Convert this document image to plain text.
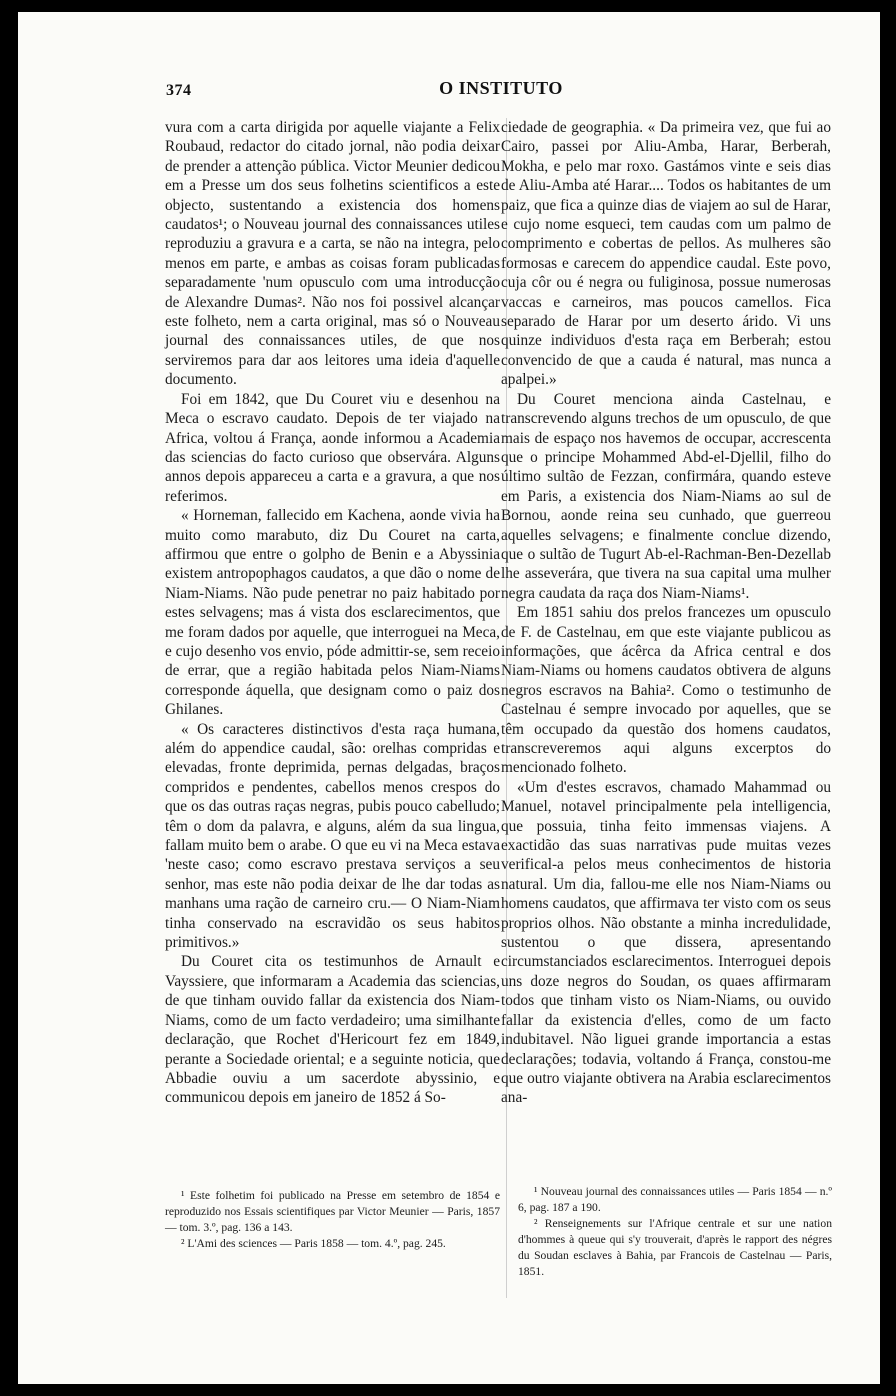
374	O INSTITUTO

vura com a carta dirigida por aquelle viajante a Felix Roubaud, redactor do citado jornal, não podia deixar de prender a attenção pública. Victor Meunier dedicou em a Presse um dos seus folhetins scientificos a este objecto, sustentando a existencia dos homens caudatos¹; o Nouveau journal des connaissances utiles reproduziu a gravura e a carta, se não na integra, pelo menos em parte, e ambas as coisas foram publicadas separadamente 'num opusculo com uma introducção de Alexandre Dumas². Não nos foi possivel alcançar este folheto, nem a carta original, mas só o Nouveau journal des connaissances utiles, de que nos serviremos para dar aos leitores uma ideia d'aquelle documento.

Foi em 1842, que Du Couret viu e desenhou na Meca o escravo caudato. Depois de ter viajado na Africa, voltou á França, aonde informou a Academia das sciencias do facto curioso que observára. Alguns annos depois appareceu a carta e a gravura, a que nos referimos.

« Horneman, fallecido em Kachena, aonde vivia ha muito como marabuto, diz Du Couret na carta, affirmou que entre o golpho de Benin e a Abyssinia existem antropophagos caudatos, a que dão o nome de Niam-Niams. Não pude penetrar no paiz habitado por estes selvagens; mas á vista dos esclarecimentos, que me foram dados por aquelle, que interroguei na Meca, e cujo desenho vos envio, póde admittir-se, sem receio de errar, que a região habitada pelos Niam-Niams corresponde áquella, que designam como o paiz dos Ghilanes.

« Os caracteres distinctivos d'esta raça humana, além do appendice caudal, são: orelhas compridas e elevadas, fronte deprimida, pernas delgadas, braços compridos e pendentes, cabellos menos crespos do que os das outras raças negras, pubis pouco cabelludo; têm o dom da palavra, e alguns, além da sua lingua, fallam muito bem o arabe. O que eu vi na Meca estava 'neste caso; como escravo prestava serviços a seu senhor, mas este não podia deixar de lhe dar todas as manhans uma ração de carneiro cru.— O Niam-Niam tinha conservado na escravidão os seus habitos primitivos.»

Du Couret cita os testimunhos de Arnault e Vayssiere, que informaram a Academia das sciencias, de que tinham ouvido fallar da existencia dos Niam-Niams, como de um facto verdadeiro; uma similhante declaração, que Rochet d'Hericourt fez em 1849, perante a Sociedade oriental; e a seguinte noticia, que Abbadie ouviu a um sacerdote abyssinio, e communicou depois em janeiro de 1852 á So-

ciedade de geographia. « Da primeira vez, que fui ao Cairo, passei por Aliu-Amba, Harar, Berberah, Mokha, e pelo mar roxo. Gastámos vinte e seis dias de Aliu-Amba até Harar.... Todos os habitantes de um paiz, que fica a quinze dias de viajem ao sul de Harar, e cujo nome esqueci, tem caudas com um palmo de comprimento e cobertas de pellos. As mulheres são formosas e carecem do appendice caudal. Este povo, cuja côr ou é negra ou fuliginosa, possue numerosas vaccas e carneiros, mas poucos camellos. Fica separado de Harar por um deserto árido. Vi uns quinze individuos d'esta raça em Berberah; estou convencido de que a cauda é natural, mas nunca a apalpei.»

Du Couret menciona ainda Castelnau, e transcrevendo alguns trechos de um opusculo, de que mais de espaço nos havemos de occupar, accrescenta que o principe Mohammed Abd-el-Djellil, filho do último sultão de Fezzan, confirmára, quando esteve em Paris, a existencia dos Niam-Niams ao sul de Bornou, aonde reina seu cunhado, que guerreou aquelles selvagens; e finalmente conclue dizendo, que o sultão de Tugurt Ab-el-Rachman-Ben-Dezellab lhe asseverára, que tivera na sua capital uma mulher negra caudata da raça dos Niam-Niams¹.

Em 1851 sahiu dos prelos francezes um opusculo de F. de Castelnau, em que este viajante publicou as informações, que ácêrca da Africa central e dos Niam-Niams ou homens caudatos obtivera de alguns negros escravos na Bahia². Como o testimunho de Castelnau é sempre invocado por aquelles, que se têm occupado da questão dos homens caudatos, transcreveremos aqui alguns excerptos do mencionado folheto.

«Um d'estes escravos, chamado Mahammad ou Manuel, notavel principalmente pela intelligencia, que possuia, tinha feito immensas viajens. A exactidão das suas narrativas pude muitas vezes verifical-a pelos meus conhecimentos de historia natural. Um dia, fallou-me elle nos Niam-Niams ou homens caudatos, que affirmava ter visto com os seus proprios olhos. Não obstante a minha incredulidade, sustentou o que dissera, apresentando circumstanciados esclarecimentos. Interroguei depois uns doze negros do Soudan, os quaes affirmaram todos que tinham visto os Niam-Niams, ou ouvido fallar da existencia d'elles, como de um facto indubitavel. Não liguei grande importancia a estas declarações; todavia, voltando á França, constou-me que outro viajante obtivera na Arabia esclarecimentos ana-

¹ Este folhetim foi publicado na Presse em setembro de 1854 e reproduzido nos Essais scientifiques par Victor Meunier — Paris, 1857 — tom. 3.º, pag. 136 a 143.

² L'Ami des sciences — Paris 1858 — tom. 4.º, pag. 245.

¹ Nouveau journal des connaissances utiles — Paris 1854 — n.º 6, pag. 187 a 190.

² Renseignements sur l'Afrique centrale et sur une nation d'hommes à queue qui s'y trouverait, d'après le rapport des négres du Soudan esclaves à Bahia, par Francois de Castelnau — Paris, 1851.
